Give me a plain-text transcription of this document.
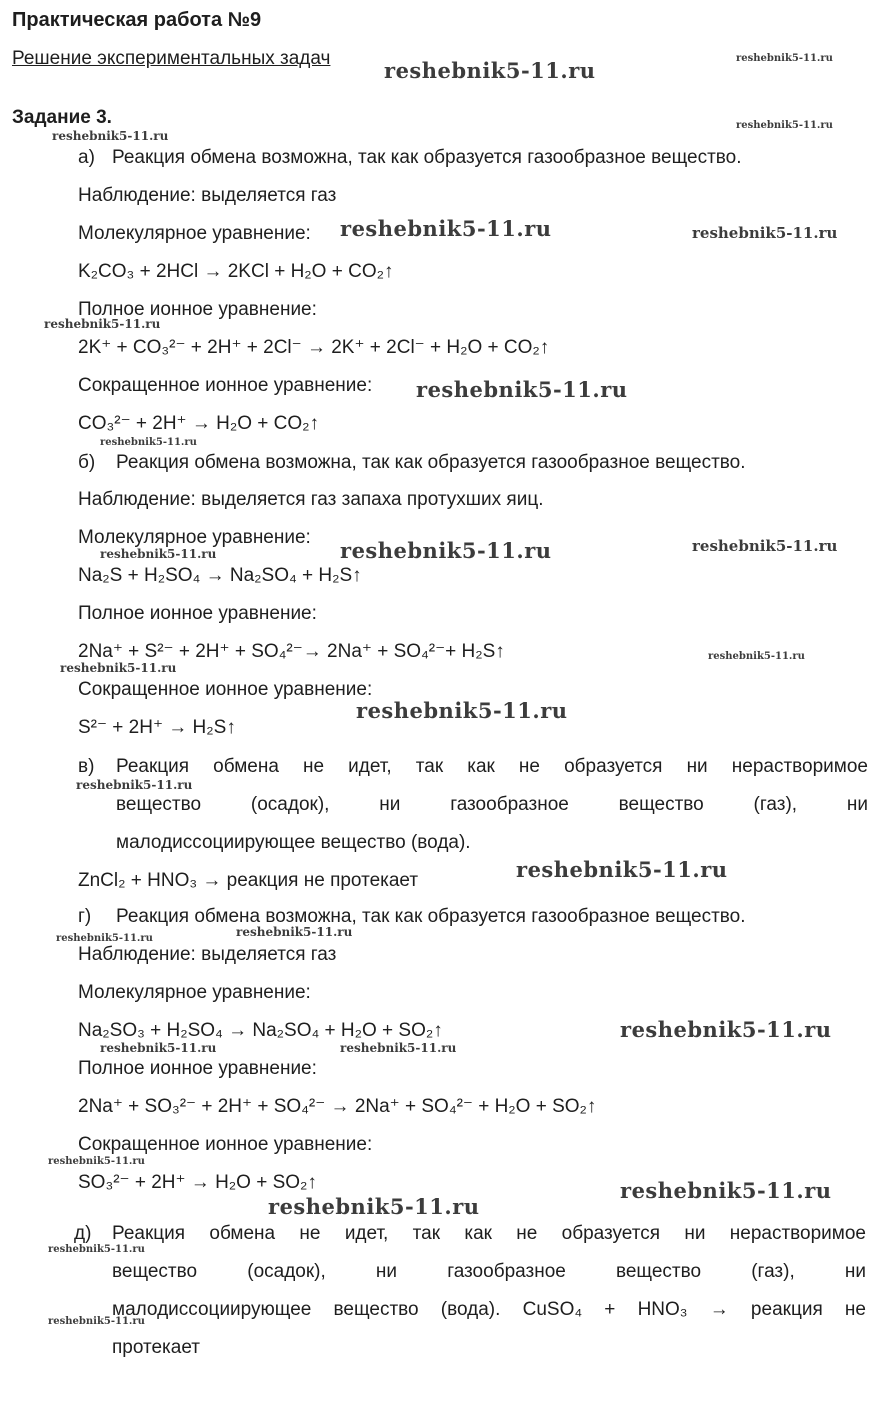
Практическая работа №9
Решение экспериментальных задач
Задание 3.
а) Реакция обмена возможна, так как образуется газообразное вещество.
Наблюдение: выделяется газ
Молекулярное уравнение:
K₂CO₃ + 2HCl → 2KCl + H₂O + CO₂↑
Полное ионное уравнение:
2K⁺ + CO₃²⁻ + 2H⁺ + 2Cl⁻ → 2K⁺ + 2Cl⁻ + H₂O + CO₂↑
Сокращенное ионное уравнение:
CO₃²⁻ + 2H⁺ → H₂O + CO₂↑
б) Реакция обмена возможна, так как образуется газообразное вещество.
Наблюдение: выделяется газ запаха протухших яиц.
Молекулярное уравнение:
Na₂S + H₂SO₄ → Na₂SO₄ + H₂S↑
Полное ионное уравнение:
2Na⁺ + S²⁻ + 2H⁺ + SO₄²⁻→ 2Na⁺ + SO₄²⁻+ H₂S↑
Сокращенное ионное уравнение:
S²⁻ + 2H⁺ → H₂S↑
в) Реакция обмена не идет, так как не образуется ни нерастворимое
вещество (осадок), ни газообразное вещество (газ), ни
малодиссоциирующее вещество (вода).
ZnCl₂ + HNO₃ → реакция не протекает
г) Реакция обмена возможна, так как образуется газообразное вещество.
Наблюдение: выделяется газ
Молекулярное уравнение:
Na₂SO₃ + H₂SO₄ → Na₂SO₄ + H₂O + SO₂↑
Полное ионное уравнение:
2Na⁺ + SO₃²⁻ + 2H⁺ + SO₄²⁻ → 2Na⁺ + SO₄²⁻ + H₂O + SO₂↑
Сокращенное ионное уравнение:
SO₃²⁻ + 2H⁺ → H₂O + SO₂↑
д) Реакция обмена не идет, так как не образуется ни нерастворимое
вещество (осадок), ни газообразное вещество (газ), ни
малодиссоциирующее вещество (вода). CuSO₄ + HNO₃ → реакция не
протекает
reshebnik5-11.ru	reshebnik5-11.ru
reshebnik5-11.ru
reshebnik5-11.ru
reshebnik5-11.ru	reshebnik5-11.ru
reshebnik5-11.ru
reshebnik5-11.ru
reshebnik5-11.ru
reshebnik5-11.ru	reshebnik5-11.ru
reshebnik5-11.ru
reshebnik5-11.ru
reshebnik5-11.ru
reshebnik5-11.ru
reshebnik5-11.ru
reshebnik5-11.ru
reshebnik5-11.ru	reshebnik5-11.ru
reshebnik5-11.ru
reshebnik5-11.ru	reshebnik5-11.ru
reshebnik5-11.ru
reshebnik5-11.ru
reshebnik5-11.ru
reshebnik5-11.ru
reshebnik5-11.ru
